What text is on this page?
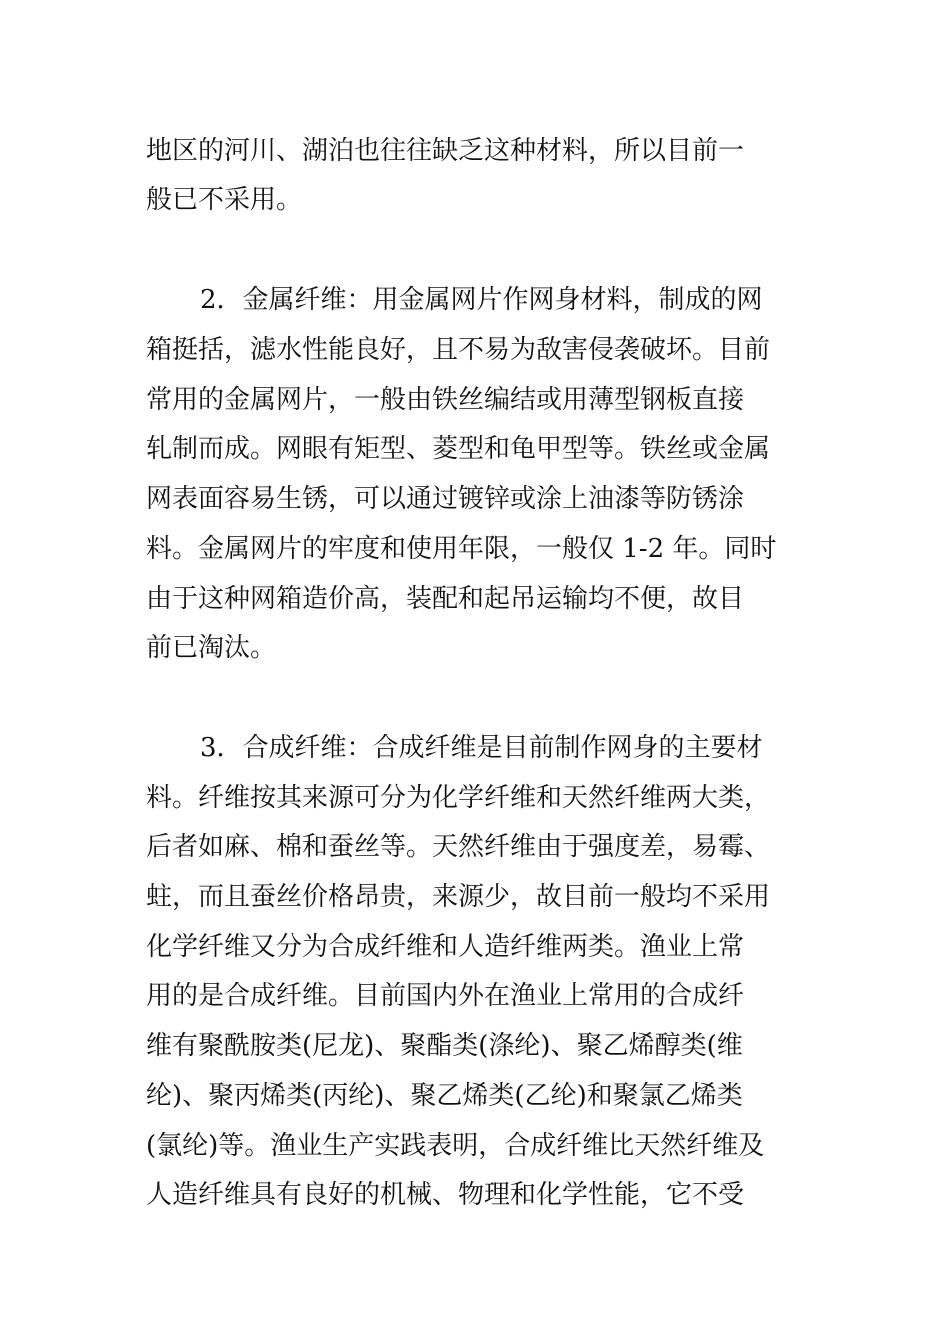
地区的河川、湖泊也往往缺乏这种材料，所以目前一
般已不采用。
2．金属纤维：用金属网片作网身材料，制成的网
箱挺括，滤水性能良好，且不易为敌害侵袭破坏。目前
常用的金属网片，一般由铁丝编结或用薄型钢板直接
轧制而成。网眼有矩型、菱型和龟甲型等。铁丝或金属
网表面容易生锈，可以通过镀锌或涂上油漆等防锈涂
料。金属网片的牢度和使用年限，一般仅 1-2 年。同时
由于这种网箱造价高，装配和起吊运输均不便，故目
前已淘汰。
3．合成纤维：合成纤维是目前制作网身的主要材
料。纤维按其来源可分为化学纤维和天然纤维两大类，
后者如麻、棉和蚕丝等。天然纤维由于强度差，易霉、
蛀，而且蚕丝价格昂贵，来源少，故目前一般均不采用
化学纤维又分为合成纤维和人造纤维两类。渔业上常
用的是合成纤维。目前国内外在渔业上常用的合成纤
维有聚酰胺类(尼龙)、聚酯类(涤纶)、聚乙烯醇类(维
纶)、聚丙烯类(丙纶)、聚乙烯类(乙纶)和聚氯乙烯类
(氯纶)等。渔业生产实践表明，合成纤维比天然纤维及
人造纤维具有良好的机械、物理和化学性能，它不受
